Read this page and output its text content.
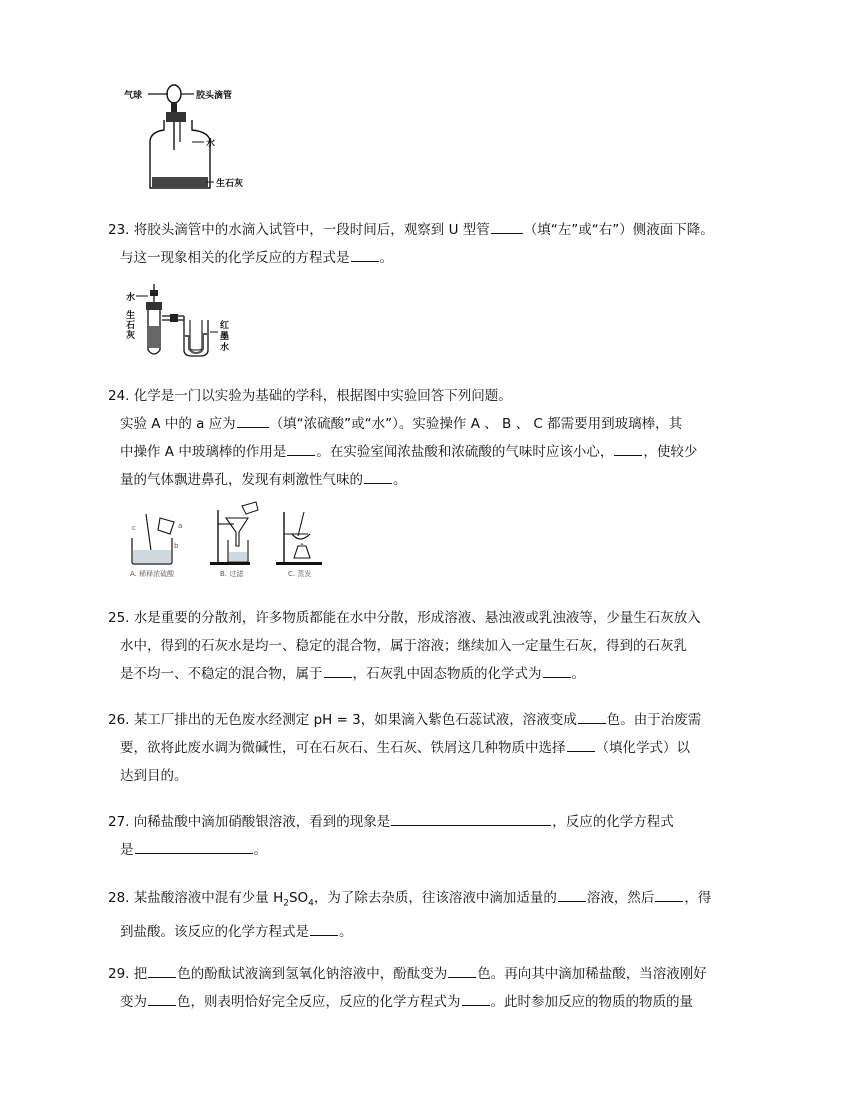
气球	胶头滴管
水
生石灰
23. 将胶头滴管中的水滴入试管中，一段时间后，观察到 U 型管	（填“左”或“右”）侧液面下降。
与这一现象相关的化学反应的方程式是 。
水
生
石
灰
红
墨
水
24. 化学是一门以实验为基础的学科，根据图中实验回答下列问题。
实验 A 中的 a 应为	（填“浓硫酸”或“水”）。实验操作 A 、 B 、 C 都需要用到玻璃棒，其
中操作 A 中玻璃棒的作用是 。在实验室闻浓盐酸和浓硫酸的气味时应该小心， ，使较少
量的气体飘进鼻孔，发现有刺激性气味的 。
c	a
b
A. 稀释浓硫酸	B. 过滤	C. 蒸发
25. 水是重要的分散剂，许多物质都能在水中分散，形成溶液、悬浊液或乳浊液等，少量生石灰放入
水中，得到的石灰水是均一、稳定的混合物，属于溶液；继续加入一定量生石灰，得到的石灰乳
是不均一、不稳定的混合物，属于 ，石灰乳中固态物质的化学式为 。
26. 某工厂排出的无色废水经测定 pH = 3，如果滴入紫色石蕊试液，溶液变成 色。由于治废需
要，欲将此废水调为微碱性，可在石灰石、生石灰、铁屑这几种物质中选择 （填化学式）以
达到目的。
27. 向稀盐酸中滴加硝酸银溶液，看到的现象是	，反应的化学方程式
是	。
28. 某盐酸溶液中混有少量 $H_2SO_4$，为了除去杂质，往该溶液中滴加适量的 溶液，然后 ，得
到盐酸。该反应的化学方程式是 。
29. 把 色的酚酞试液滴到氢氧化钠溶液中，酚酞变为 色。再向其中滴加稀盐酸，当溶液刚好
变为 色，则表明恰好完全反应，反应的化学方程式为 。此时参加反应的物质的物质的量
